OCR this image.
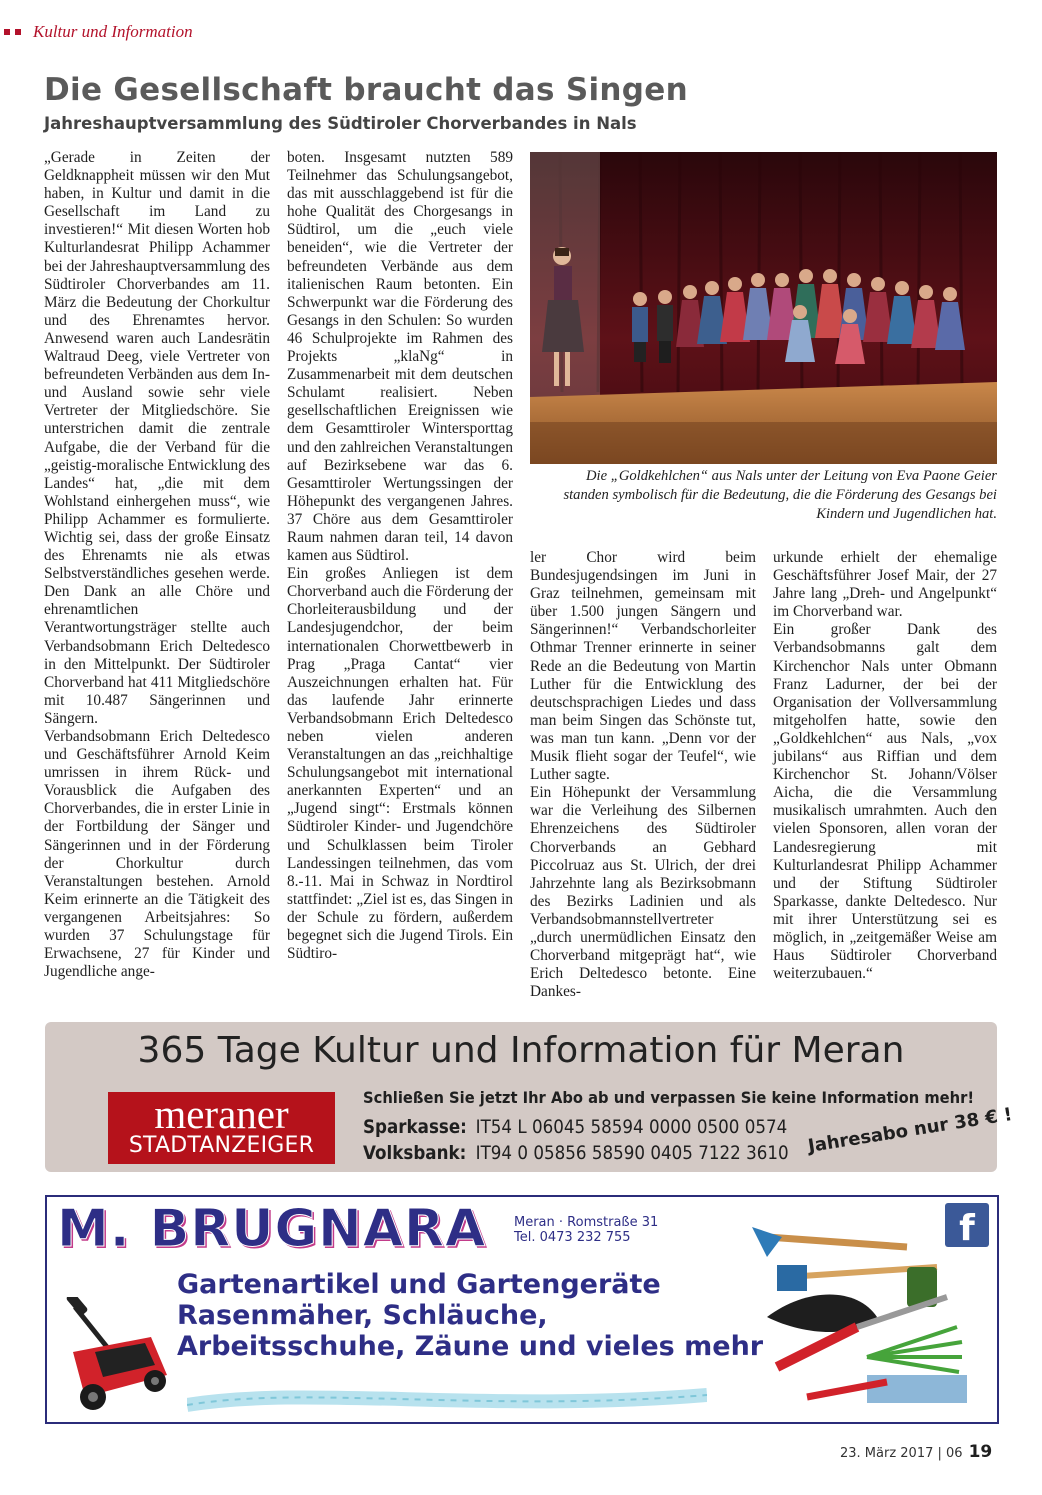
Kultur und Information
Die Gesellschaft braucht das Singen
Jahreshauptversammlung des Südtiroler Chorverbandes in Nals

„Gerade in Zeiten der Geldknappheit müssen wir den Mut haben, in Kultur und damit in die Gesellschaft im Land zu investieren!“ Mit diesen Worten hob Kulturlandesrat Philipp Achammer bei der Jahreshauptversammlung des Südtiroler Chorverbandes am 11. März die Bedeutung der Chorkultur und des Ehrenamtes hervor. Anwesend waren auch Landesrätin Waltraud Deeg, viele Vertreter von befreundeten Verbänden aus dem In- und Ausland sowie sehr viele Vertreter der Mitgliedschöre. Sie unterstrichen damit die zentrale Aufgabe, die der Verband für die „geistig-moralische Entwicklung des Landes“ hat, „die mit dem Wohlstand einhergehen muss“, wie Philipp Achammer es formulierte. Wichtig sei, dass der große Einsatz des Ehrenamts nie als etwas Selbstverständliches gesehen werde. Den Dank an alle Chöre und ehrenamtlichen Verantwortungsträger stellte auch Verbandsobmann Erich Deltedesco in den Mittelpunkt. Der Südtiroler Chorverband hat 411 Mitgliedschöre mit 10.487 Sängerinnen und Sängern.

Verbandsobmann Erich Deltedesco und Geschäftsführer Arnold Keim umrissen in ihrem Rück- und Vorausblick die Aufgaben des Chorverbandes, die in erster Linie in der Fortbildung der Sänger und Sängerinnen und in der Förderung der Chorkultur durch Veranstaltungen bestehen. Arnold Keim erinnerte an die Tätigkeit des vergangenen Arbeitsjahres: So wurden 37 Schulungstage für Erwachsene, 27 für Kinder und Jugendliche ange-

boten. Insgesamt nutzten 589 Teilnehmer das Schulungsangebot, das mit ausschlaggebend ist für die hohe Qualität des Chorgesangs in Südtirol, um die „euch viele beneiden“, wie die Vertreter der befreundeten Verbände aus dem italienischen Raum betonten. Ein Schwerpunkt war die Förderung des Gesangs in den Schulen: So wurden 46 Schulprojekte im Rahmen des Projekts „klaNg“ in Zusammenarbeit mit dem deutschen Schulamt realisiert. Neben gesellschaftlichen Ereignissen wie dem Gesamttiroler Wintersporttag und den zahlreichen Veranstaltungen auf Bezirksebene war das 6. Gesamttiroler Wertungssingen der Höhepunkt des vergangenen Jahres. 37 Chöre aus dem Gesamttiroler Raum nahmen daran teil, 14 davon kamen aus Südtirol.

Ein großes Anliegen ist dem Chorverband auch die Förderung der Chorleiterausbildung und der Landesjugendchor, der beim internationalen Chorwettbewerb in Prag „Praga Cantat“ vier Auszeichnungen erhalten hat. Für das laufende Jahr erinnerte Verbandsobmann Erich Deltedesco neben vielen anderen Veranstaltungen an das „reichhaltige Schulungsangebot mit international anerkannten Experten“ und an „Jugend singt“: Erstmals können Südtiroler Kinder- und Jugendchöre und Schulklassen beim Tiroler Landessingen teilnehmen, das vom 8.-11. Mai in Schwaz in Nordtirol stattfindet: „Ziel ist es, das Singen in der Schule zu fördern, außerdem begegnet sich die Jugend Tirols. Ein Südtiro-

Die „Goldkehlchen“ aus Nals unter der Leitung von Eva Paone Geier
standen symbolisch für die Bedeutung, die die Förderung des Gesangs bei
Kindern und Jugendlichen hat.

ler Chor wird beim Bundesjugendsingen im Juni in Graz teilnehmen, gemeinsam mit über 1.500 jungen Sängern und Sängerinnen!“ Verbandschorleiter Othmar Trenner erinnerte in seiner Rede an die Bedeutung von Martin Luther für die Entwicklung des deutschsprachigen Liedes und dass man beim Singen das Schönste tut, was man tun kann. „Denn vor der Musik flieht sogar der Teufel“, wie Luther sagte.

Ein Höhepunkt der Versammlung war die Verleihung des Silbernen Ehrenzeichens des Südtiroler Chorverbands an Gebhard Piccolruaz aus St. Ulrich, der drei Jahrzehnte lang als Bezirksobmann des Bezirks Ladinien und als Verbandsobmannstellvertreter „durch unermüdlichen Einsatz den Chorverband mitgeprägt hat“, wie Erich Deltedesco betonte. Eine Dankes-

urkunde erhielt der ehemalige Geschäftsführer Josef Mair, der 27 Jahre lang „Dreh- und Angelpunkt“ im Chorverband war.

Ein großer Dank des Verbandsobmanns galt dem Kirchenchor Nals unter Obmann Franz Ladurner, der bei der Organisation der Vollversammlung mitgeholfen hatte, sowie den „Goldkehlchen“ aus Nals, „vox jubilans“ aus Riffian und dem Kirchenchor St. Johann/Völser Aicha, die die Versammlung musikalisch umrahmten. Auch den vielen Sponsoren, allen voran der Landesregierung mit Kulturlandesrat Philipp Achammer und der Stiftung Südtiroler Sparkasse, dankte Deltedesco. Nur mit ihrer Unterstützung sei es möglich, in „zeitgemäßer Weise am Haus Südtiroler Chorverband weiterzubauen.“

365 Tage Kultur und Information für Meran
meraner
STADTANZEIGER
Schließen Sie jetzt Ihr Abo ab und verpassen Sie keine Information mehr!
Sparkasse: IT54 L 06045 58594 0000 0500 0574
Volksbank: IT94 0 05856 58590 0405 7122 3610 Jahresabo nur 38 € !
M. BRUGNARA Meran · Romstraße 31
Tel. 0473 232 755	f
Gartenartikel und Gartengeräte
Rasenmäher, Schläuche,
Arbeitsschuhe, Zäune und vieles mehr
23. März 2017 | 06 19
